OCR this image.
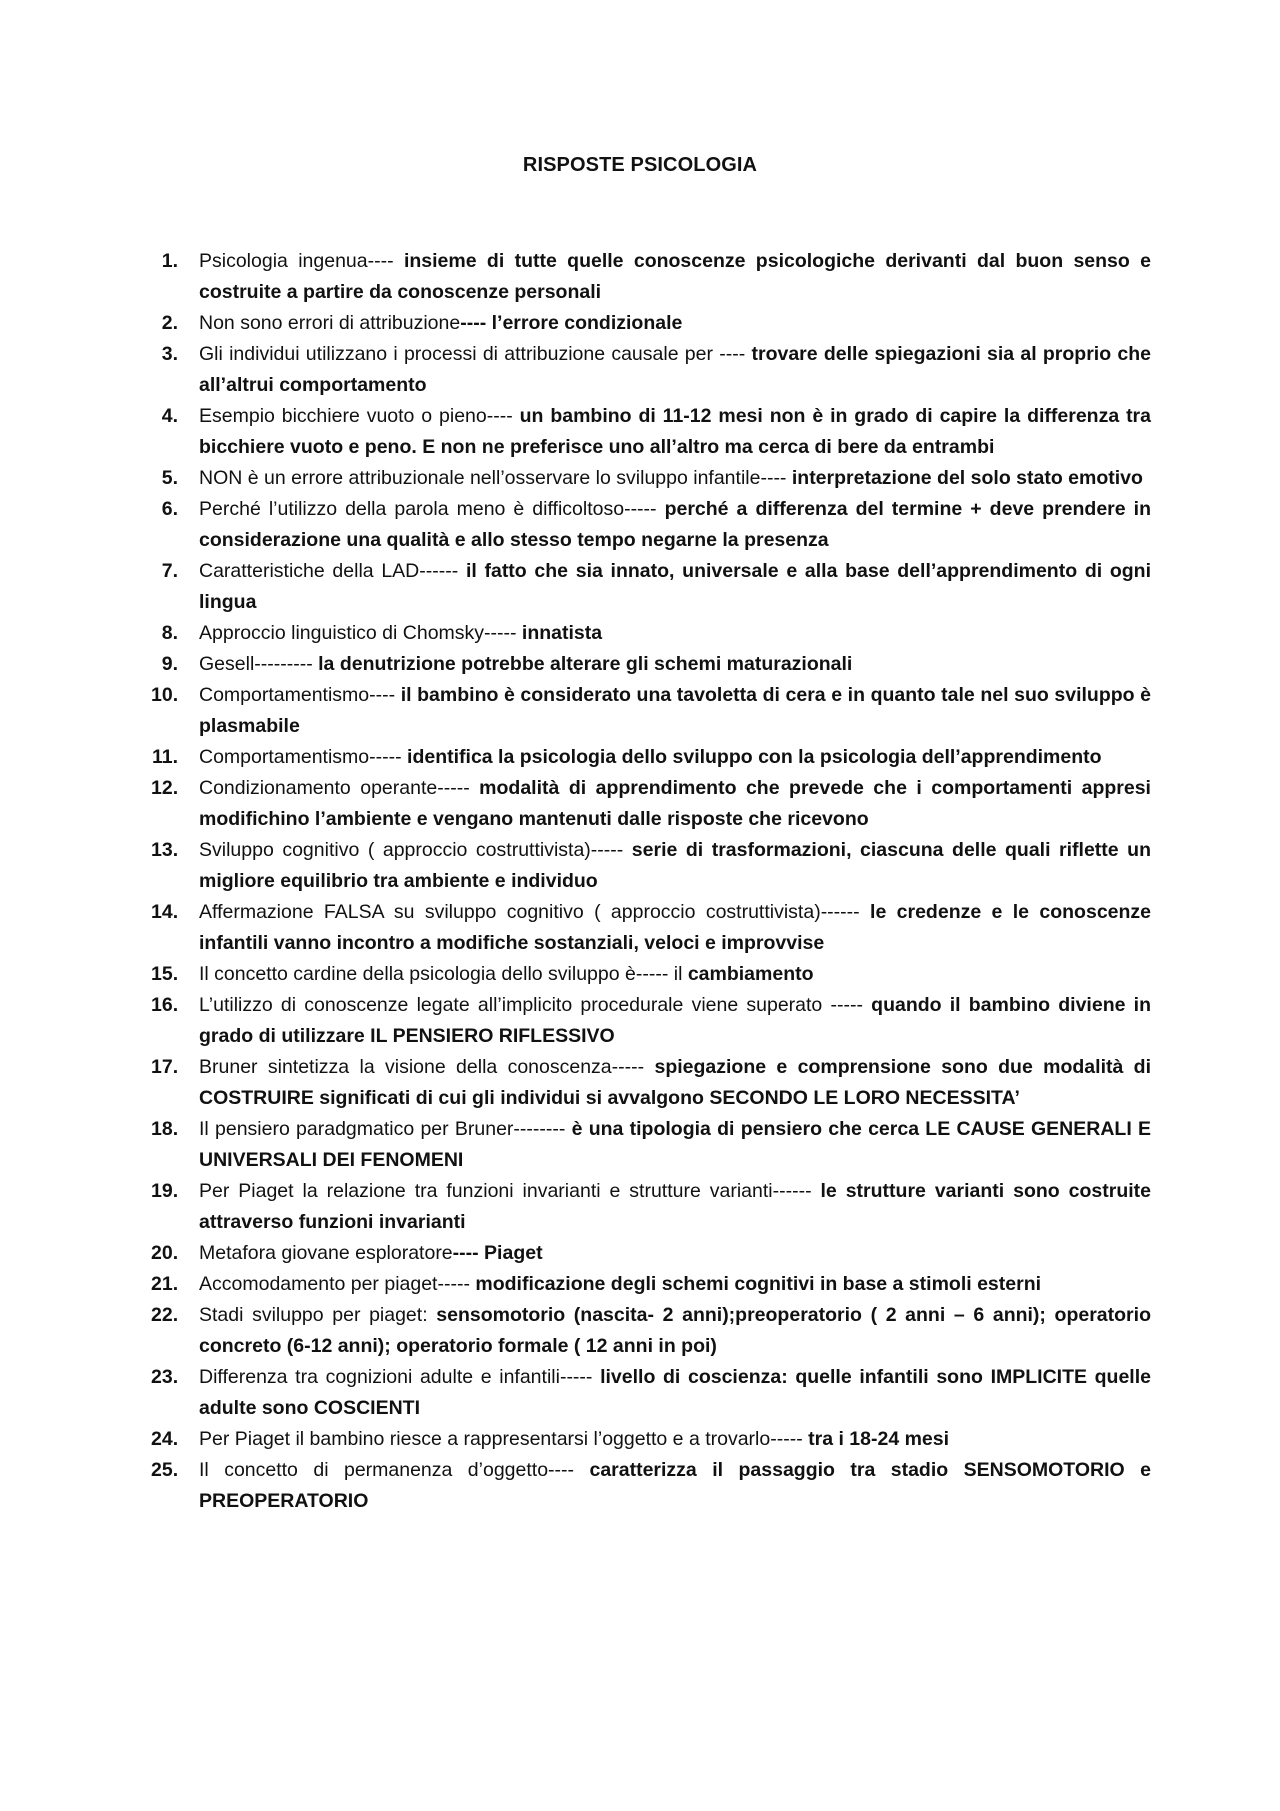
RISPOSTE PSICOLOGIA
1. Psicologia ingenua---- insieme di tutte quelle conoscenze psicologiche derivanti dal buon senso e costruite a partire da conoscenze personali
2. Non sono errori di attribuzione---- l’errore condizionale
3. Gli individui utilizzano i processi di attribuzione causale per ---- trovare delle spiegazioni sia al proprio che all’altrui comportamento
4. Esempio bicchiere vuoto o pieno---- un bambino di 11-12 mesi non è in grado di capire la differenza tra bicchiere vuoto e peno. E non ne preferisce uno all’altro ma cerca di bere da entrambi
5. NON è un errore attribuzionale nell’osservare lo sviluppo infantile---- interpretazione del solo stato emotivo
6. Perché l’utilizzo della parola meno è difficoltoso----- perché a differenza del termine + deve prendere in considerazione una qualità e allo stesso tempo negarne la presenza
7. Caratteristiche della LAD------ il fatto che sia innato, universale e alla base dell’apprendimento di ogni lingua
8. Approccio linguistico di Chomsky----- innatista
9. Gesell--------- la denutrizione potrebbe alterare gli schemi maturazionali
10. Comportamentismo---- il bambino è considerato una tavoletta di cera e in quanto tale nel suo sviluppo è plasmabile
11. Comportamentismo----- identifica la psicologia dello sviluppo con la psicologia dell’apprendimento
12. Condizionamento operante----- modalità di apprendimento che prevede che i comportamenti appresi modifichino l’ambiente e vengano mantenuti dalle risposte che ricevono
13. Sviluppo cognitivo ( approccio costruttivista)----- serie di trasformazioni, ciascuna delle quali riflette un migliore equilibrio tra ambiente e individuo
14. Affermazione FALSA su sviluppo cognitivo ( approccio costruttivista)------ le credenze e le conoscenze infantili vanno incontro a modifiche sostanziali, veloci e improvvise
15. Il concetto cardine della psicologia dello sviluppo è----- il cambiamento
16. L’utilizzo di conoscenze legate all’implicito procedurale viene superato ----- quando il bambino diviene in grado di utilizzare IL PENSIERO RIFLESSIVO
17. Bruner sintetizza la visione della conoscenza----- spiegazione e comprensione sono due modalità di COSTRUIRE significati di cui gli individui si avvalgono SECONDO LE LORO NECESSITA’
18. Il pensiero paradgmatico per Bruner-------- è una tipologia di pensiero che cerca LE CAUSE GENERALI E UNIVERSALI DEI FENOMENI
19. Per Piaget la relazione tra funzioni invarianti e strutture varianti------ le strutture varianti sono costruite attraverso funzioni invarianti
20. Metafora giovane esploratore---- Piaget
21. Accomodamento per piaget----- modificazione degli schemi cognitivi in base a stimoli esterni
22. Stadi sviluppo per piaget: sensomotorio (nascita- 2 anni);preoperatorio ( 2 anni – 6 anni); operatorio concreto (6-12 anni); operatorio formale ( 12 anni in poi)
23. Differenza tra cognizioni adulte e infantili----- livello di coscienza: quelle infantili sono IMPLICITE quelle adulte sono COSCIENTI
24. Per Piaget il bambino riesce a rappresentarsi l’oggetto e a trovarlo----- tra i 18-24 mesi
25. Il concetto di permanenza d’oggetto---- caratterizza il passaggio tra stadio SENSOMOTORIO e PREOPERATORIO
